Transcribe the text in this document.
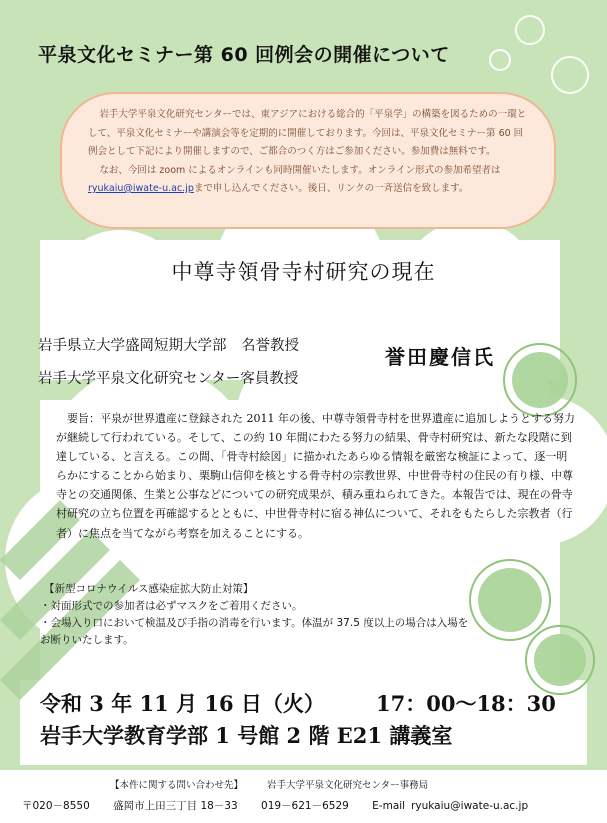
平泉文化セミナー第 60 回例会の開催について

岩手大学平泉文化研究センターでは、東アジアにおける総合的「平泉学」の構築を図るための一環として、平泉文化セミナーや講演会等を定期的に開催しております。今回は、平泉文化セミナー第 60 回例会として下記により開催しますので、ご都合のつく方はご参加ください。参加費は無料です。

なお、今回は zoom によるオンラインも同時開催いたします。オンライン形式の参加希望者は
ryukaiu@iwate-u.ac.jpまで申し込んでください。後日、リンクの一斉送信を致します。

中尊寺領骨寺村研究の現在
岩手県立大学盛岡短期大学部　名誉教授
岩手大学平泉文化研究センター客員教授
誉田慶信氏

要旨：平泉が世界遺産に登録された 2011 年の後、中尊寺領骨寺村を世界遺産に追加しようとする努力が継続して行われている。そして、この約 10 年間にわたる努力の結果、骨寺村研究は、新たな段階に到達している、と言える。この間、「骨寺村絵図」に描かれたあらゆる情報を厳密な検証によって、逐一明らかにすることから始まり、栗駒山信仰を核とする骨寺村の宗教世界、中世骨寺村の住民の有り様、中尊寺との交通関係、生業と公事などについての研究成果が、積み重ねられてきた。本報告では、現在の骨寺村研究の立ち位置を再確認するとともに、中世骨寺村に宿る神仏について、それをもたらした宗教者（行者）に焦点を当てながら考察を加えることにする。

【新型コロナウイルス感染症拡大防止対策】
・対面形式での参加者は必ずマスクをご着用ください。
・会場入り口において検温及び手指の消毒を行います。体温が 37.5 度以上の場合は入場を
お断りいたします。
令和 3 年 11 月 16 日（火） 17：00～18：30
岩手大学教育学部 1 号館 2 階 E21 講義室
【本件に関する問い合わせ先】	岩手大学平泉文化研究センター事務局
〒020－8550 盛岡市上田三丁目 18－33 019－621－6529 E-mail ryukaiu@iwate-u.ac.jp
